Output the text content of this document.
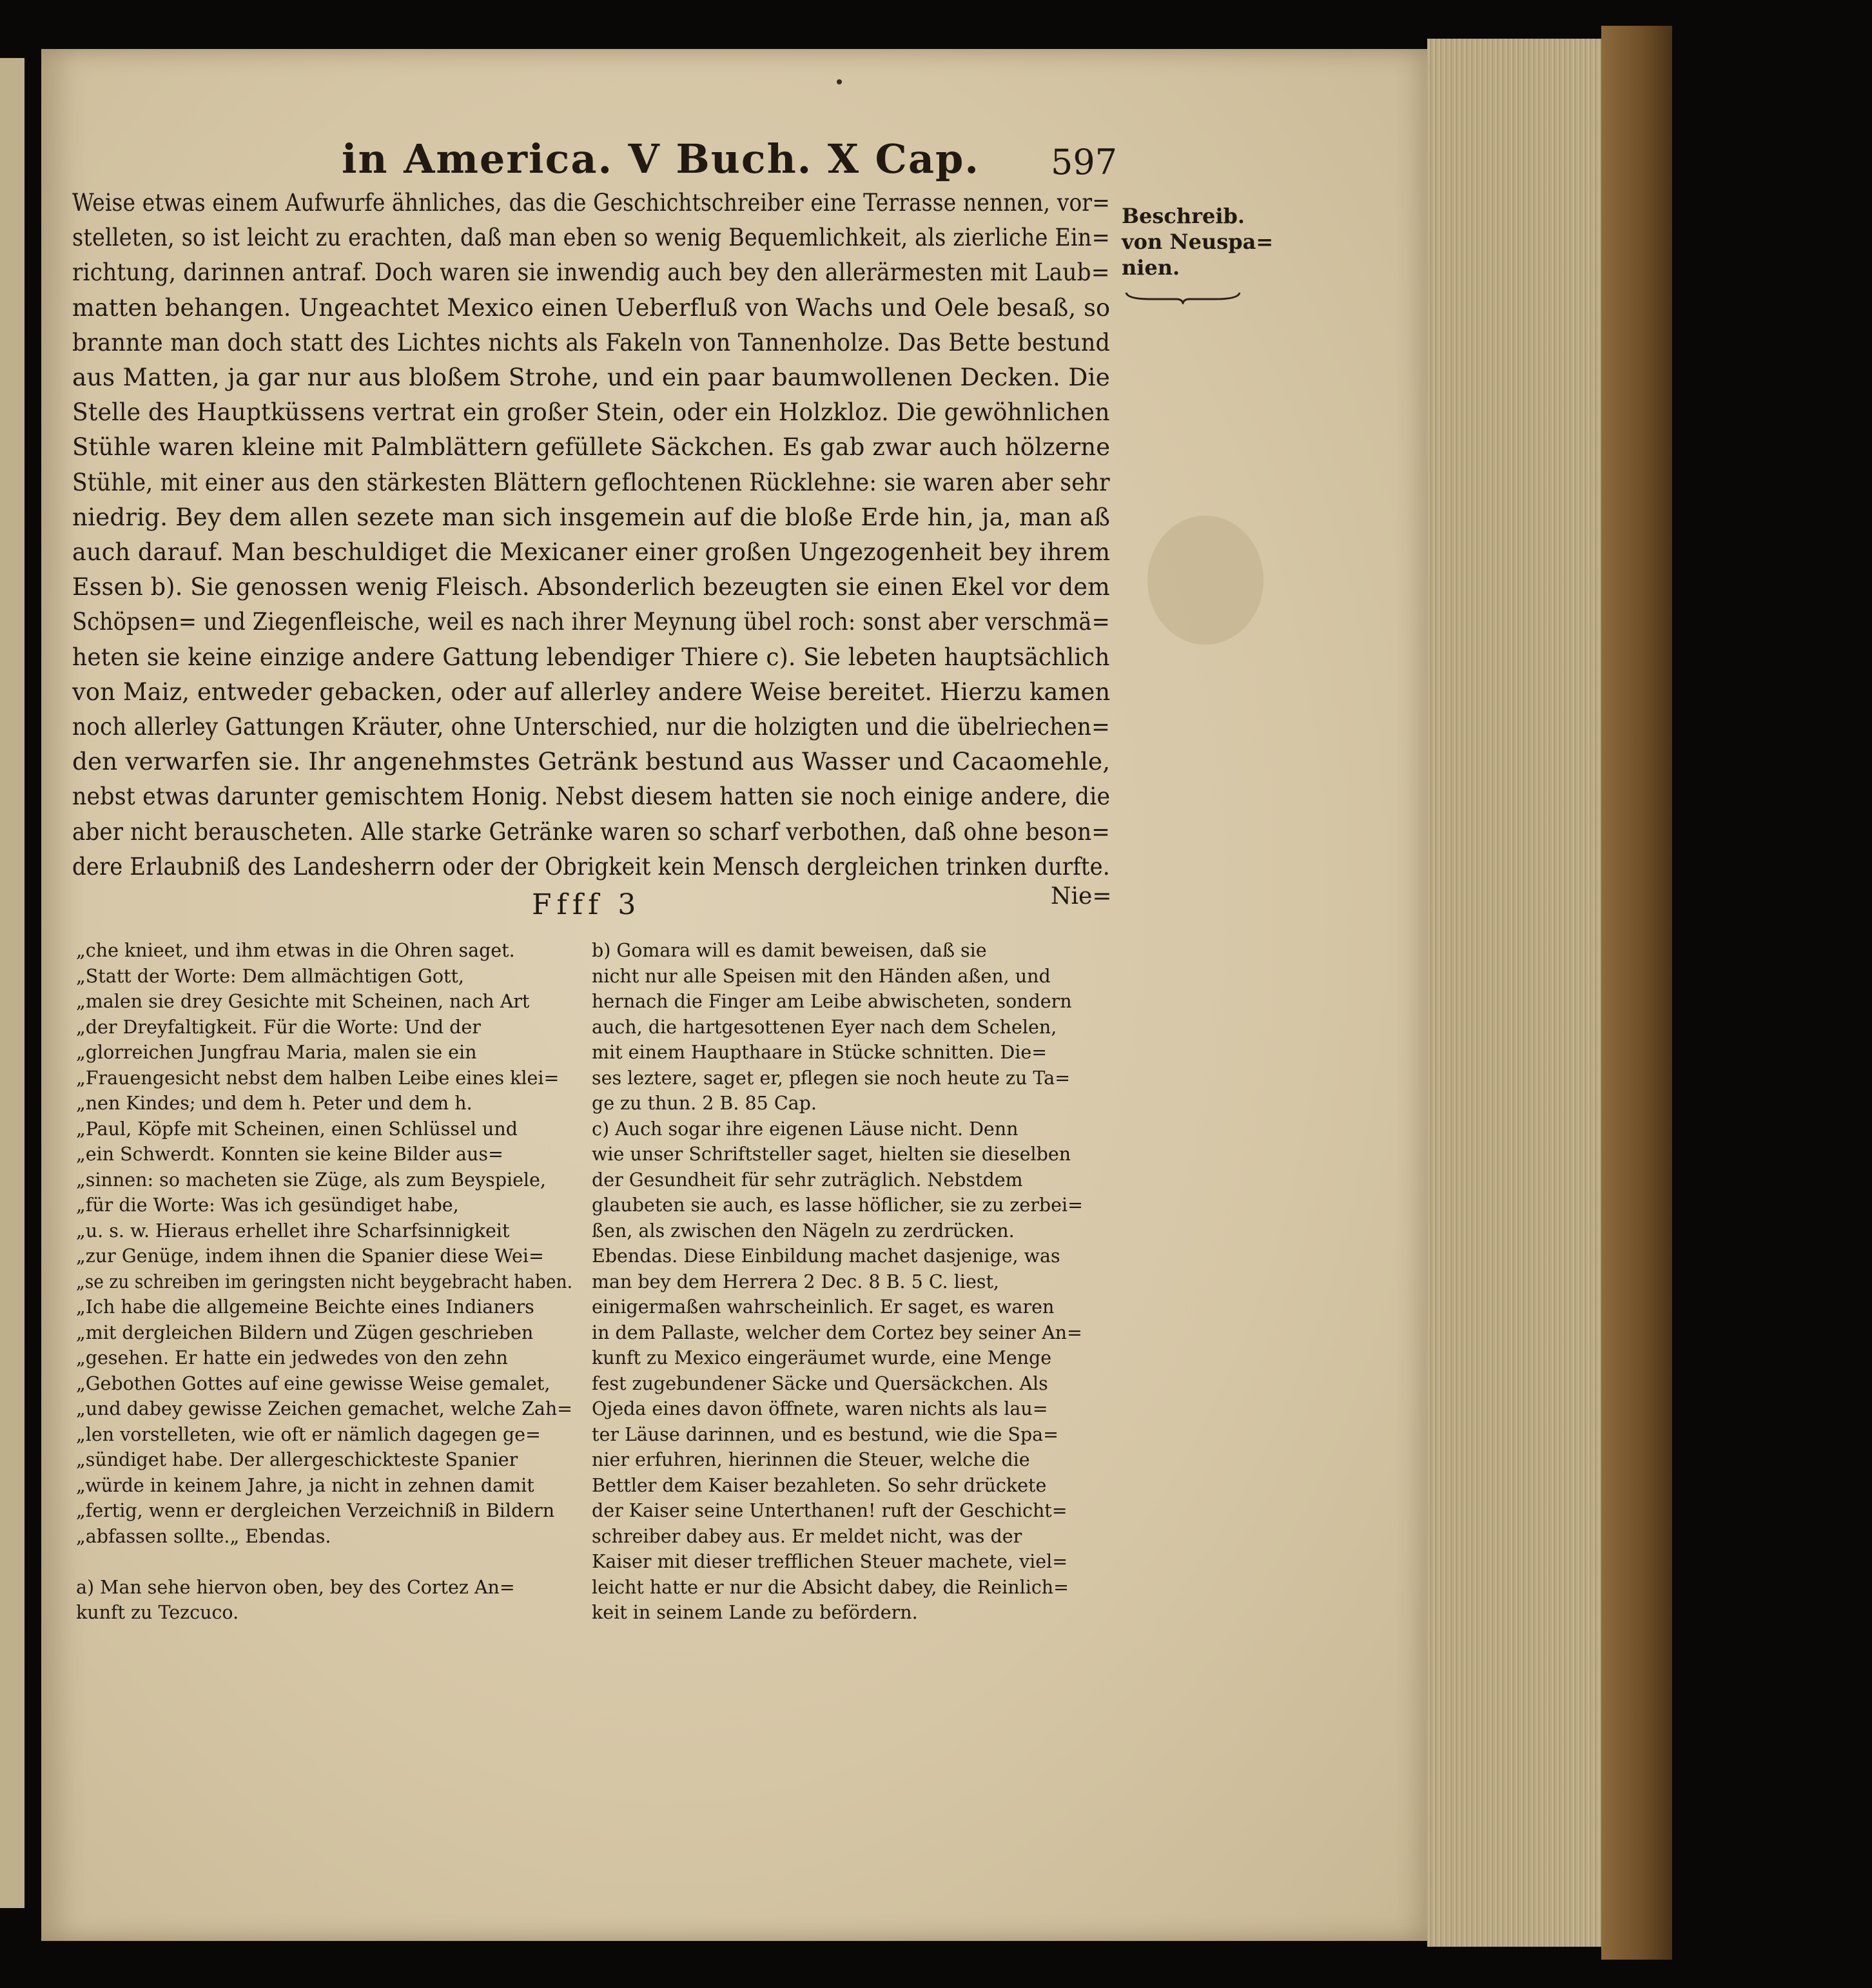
in America. V Buch. X Cap. 597

Beschreib.
von Neuspa=
nien.

Weise etwas einem Aufwurfe ähnliches, das die Geschichtschreiber eine Terrasse nennen, vor=

stelleten, so ist leicht zu erachten, daß man eben so wenig Bequemlichkeit, als zierliche Ein=

richtung, darinnen antraf. Doch waren sie inwendig auch bey den allerärmesten mit Laub=

matten behangen. Ungeachtet Mexico einen Ueberfluß von Wachs und Oele besaß, so

brannte man doch statt des Lichtes nichts als Fakeln von Tannenholze. Das Bette bestund

aus Matten, ja gar nur aus bloßem Strohe, und ein paar baumwollenen Decken. Die

Stelle des Hauptküssens vertrat ein großer Stein, oder ein Holzkloz. Die gewöhnlichen

Stühle waren kleine mit Palmblättern gefüllete Säckchen. Es gab zwar auch hölzerne

Stühle, mit einer aus den stärkesten Blättern geflochtenen Rücklehne: sie waren aber sehr

niedrig. Bey dem allen sezete man sich insgemein auf die bloße Erde hin, ja, man aß

auch darauf. Man beschuldiget die Mexicaner einer großen Ungezogenheit bey ihrem

Essen b). Sie genossen wenig Fleisch. Absonderlich bezeugten sie einen Ekel vor dem

Schöpsen= und Ziegenfleische, weil es nach ihrer Meynung übel roch: sonst aber verschmä=

heten sie keine einzige andere Gattung lebendiger Thiere c). Sie lebeten hauptsächlich

von Maiz, entweder gebacken, oder auf allerley andere Weise bereitet. Hierzu kamen

noch allerley Gattungen Kräuter, ohne Unterschied, nur die holzigten und die übelriechen=

den verwarfen sie. Ihr angenehmstes Getränk bestund aus Wasser und Cacaomehle,

nebst etwas darunter gemischtem Honig. Nebst diesem hatten sie noch einige andere, die

aber nicht berauscheten. Alle starke Getränke waren so scharf verbothen, daß ohne beson=

dere Erlaubniß des Landesherrn oder der Obrigkeit kein Mensch dergleichen trinken durfte.

Ffff 3	Nie=

„che knieet, und ihm etwas in die Ohren saget.

„Statt der Worte: Dem allmächtigen Gott,

„malen sie drey Gesichte mit Scheinen, nach Art

„der Dreyfaltigkeit. Für die Worte: Und der

„glorreichen Jungfrau Maria, malen sie ein

„Frauengesicht nebst dem halben Leibe eines klei=

„nen Kindes; und dem h. Peter und dem h.

„Paul, Köpfe mit Scheinen, einen Schlüssel und

„ein Schwerdt. Konnten sie keine Bilder aus=

„sinnen: so macheten sie Züge, als zum Beyspiele,

„für die Worte: Was ich gesündiget habe,

„u. s. w. Hieraus erhellet ihre Scharfsinnigkeit

„zur Genüge, indem ihnen die Spanier diese Wei=

„se zu schreiben im geringsten nicht beygebracht haben.

„Ich habe die allgemeine Beichte eines Indianers

„mit dergleichen Bildern und Zügen geschrieben

„gesehen. Er hatte ein jedwedes von den zehn

„Gebothen Gottes auf eine gewisse Weise gemalet,

„und dabey gewisse Zeichen gemachet, welche Zah=

„len vorstelleten, wie oft er nämlich dagegen ge=

„sündiget habe. Der allergeschickteste Spanier

„würde in keinem Jahre, ja nicht in zehnen damit

„fertig, wenn er dergleichen Verzeichniß in Bildern

„abfassen sollte.„ Ebendas.

a) Man sehe hiervon oben, bey des Cortez An=

kunft zu Tezcuco.

b) Gomara will es damit beweisen, daß sie

nicht nur alle Speisen mit den Händen aßen, und

hernach die Finger am Leibe abwischeten, sondern

auch, die hartgesottenen Eyer nach dem Schelen,

mit einem Haupthaare in Stücke schnitten. Die=

ses leztere, saget er, pflegen sie noch heute zu Ta=

ge zu thun. 2 B. 85 Cap.

c) Auch sogar ihre eigenen Läuse nicht. Denn

wie unser Schriftsteller saget, hielten sie dieselben

der Gesundheit für sehr zuträglich. Nebstdem

glaubeten sie auch, es lasse höflicher, sie zu zerbei=

ßen, als zwischen den Nägeln zu zerdrücken.

Ebendas. Diese Einbildung machet dasjenige, was

man bey dem Herrera 2 Dec. 8 B. 5 C. liest,

einigermaßen wahrscheinlich. Er saget, es waren

in dem Pallaste, welcher dem Cortez bey seiner An=

kunft zu Mexico eingeräumet wurde, eine Menge

fest zugebundener Säcke und Quersäckchen. Als

Ojeda eines davon öffnete, waren nichts als lau=

ter Läuse darinnen, und es bestund, wie die Spa=

nier erfuhren, hierinnen die Steuer, welche die

Bettler dem Kaiser bezahleten. So sehr drückete

der Kaiser seine Unterthanen! ruft der Geschicht=

schreiber dabey aus. Er meldet nicht, was der

Kaiser mit dieser trefflichen Steuer machete, viel=

leicht hatte er nur die Absicht dabey, die Reinlich=

keit in seinem Lande zu befördern.
